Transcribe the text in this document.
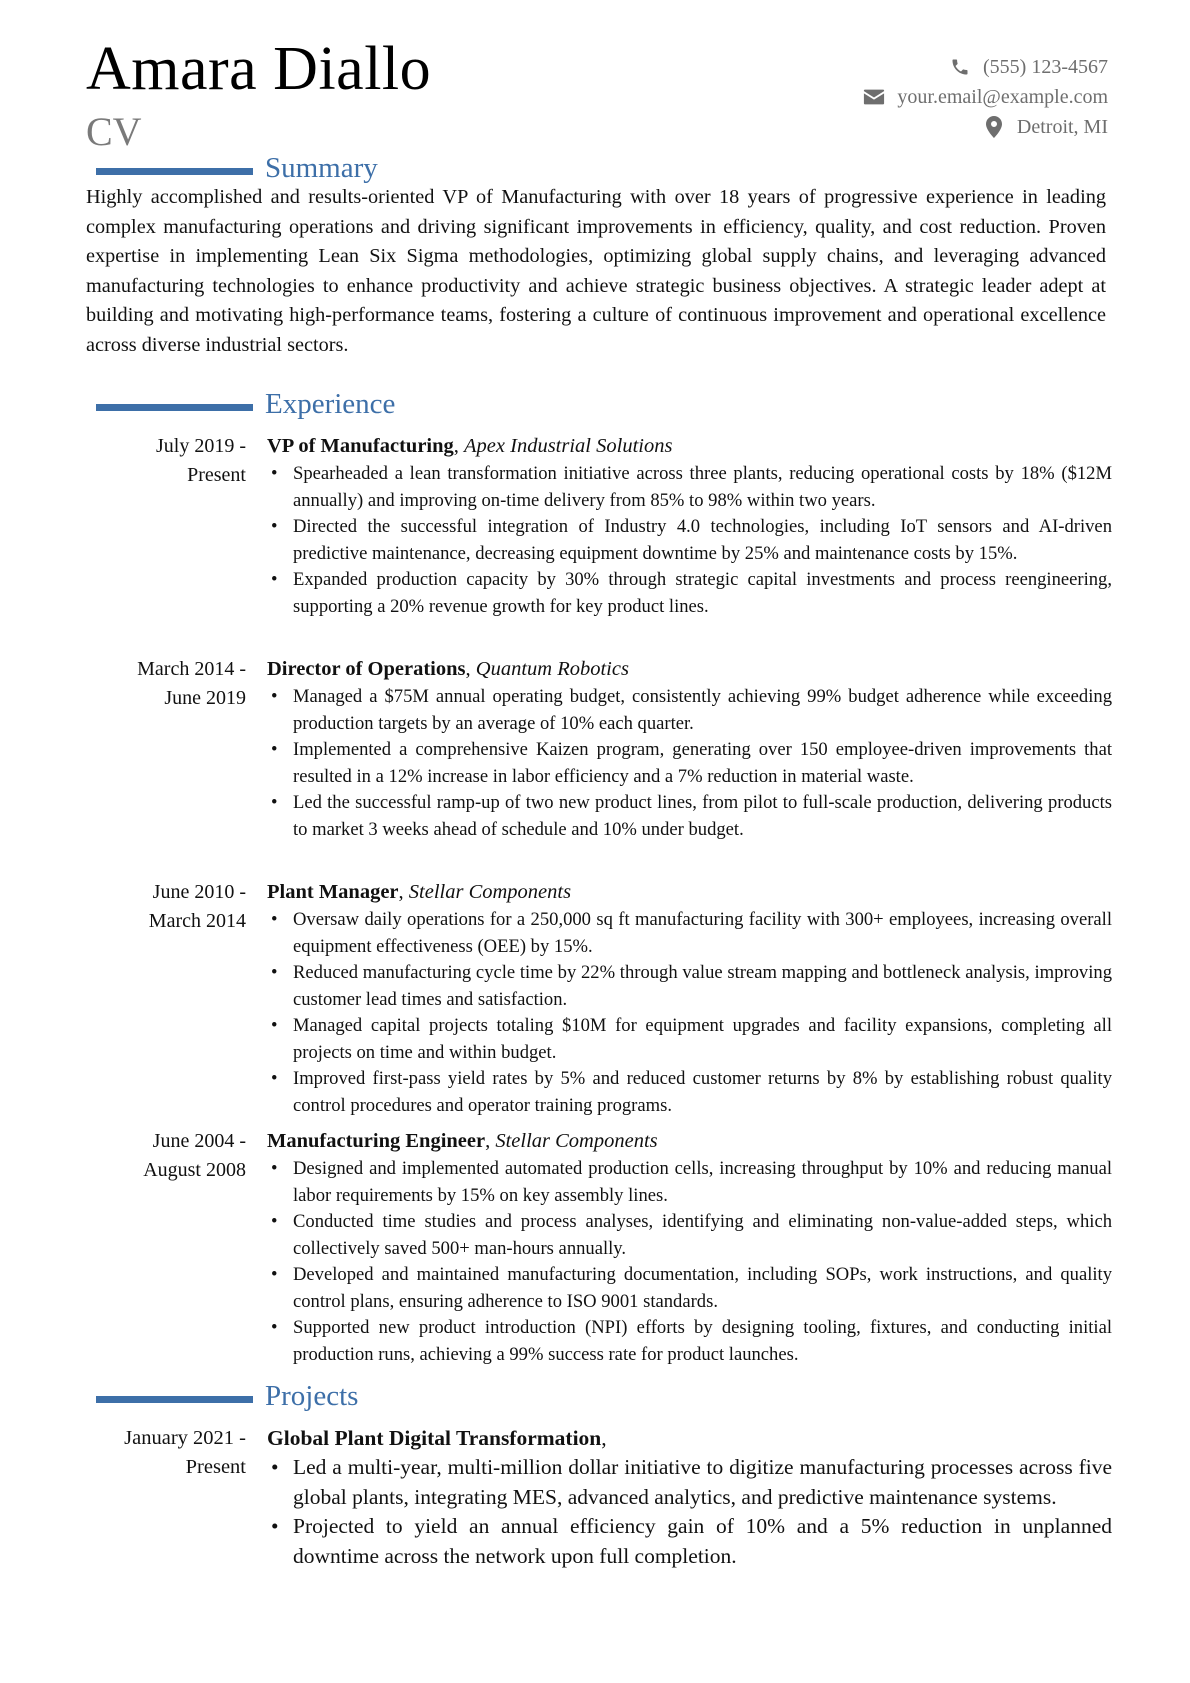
Amara Diallo
CV
(555) 123-4567
your.email@example.com
Detroit, MI
Summary
Highly accomplished and results-oriented VP of Manufacturing with over 18 years of progressive experience in leading complex manufacturing operations and driving significant improvements in efficiency, quality, and cost reduction. Proven expertise in implementing Lean Six Sigma methodologies, optimizing global supply chains, and leveraging advanced manufacturing technologies to enhance productivity and achieve strategic business objectives. A strategic leader adept at building and motivating high-performance teams, fostering a culture of continuous improvement and operational excellence across diverse industrial sectors.
Experience
July 2019 -
Present
VP of Manufacturing, Apex Industrial Solutions
• Spearheaded a lean transformation initiative across three plants, reducing operational costs by 18% ($12M annually) and improving on-time delivery from 85% to 98% within two years.
• Directed the successful integration of Industry 4.0 technologies, including IoT sensors and AI-driven predictive maintenance, decreasing equipment downtime by 25% and maintenance costs by 15%.
• Expanded production capacity by 30% through strategic capital investments and process reengineering, supporting a 20% revenue growth for key product lines.
March 2014 -
June 2019
Director of Operations, Quantum Robotics
• Managed a $75M annual operating budget, consistently achieving 99% budget adherence while exceeding production targets by an average of 10% each quarter.
• Implemented a comprehensive Kaizen program, generating over 150 employee-driven improvements that resulted in a 12% increase in labor efficiency and a 7% reduction in material waste.
• Led the successful ramp-up of two new product lines, from pilot to full-scale production, delivering products to market 3 weeks ahead of schedule and 10% under budget.
June 2010 -
March 2014
Plant Manager, Stellar Components
• Oversaw daily operations for a 250,000 sq ft manufacturing facility with 300+ employees, increasing overall equipment effectiveness (OEE) by 15%.
• Reduced manufacturing cycle time by 22% through value stream mapping and bottleneck analysis, improving customer lead times and satisfaction.
• Managed capital projects totaling $10M for equipment upgrades and facility expansions, completing all projects on time and within budget.
• Improved first-pass yield rates by 5% and reduced customer returns by 8% by establishing robust quality control procedures and operator training programs.
June 2004 -
August 2008
Manufacturing Engineer, Stellar Components
• Designed and implemented automated production cells, increasing throughput by 10% and reducing manual labor requirements by 15% on key assembly lines.
• Conducted time studies and process analyses, identifying and eliminating non-value-added steps, which collectively saved 500+ man-hours annually.
• Developed and maintained manufacturing documentation, including SOPs, work instructions, and quality control plans, ensuring adherence to ISO 9001 standards.
• Supported new product introduction (NPI) efforts by designing tooling, fixtures, and conducting initial production runs, achieving a 99% success rate for product launches.
Projects
January 2021 -
Present
Global Plant Digital Transformation,
• Led a multi-year, multi-million dollar initiative to digitize manufacturing processes across five global plants, integrating MES, advanced analytics, and predictive maintenance systems.
• Projected to yield an annual efficiency gain of 10% and a 5% reduction in unplanned downtime across the network upon full completion.
